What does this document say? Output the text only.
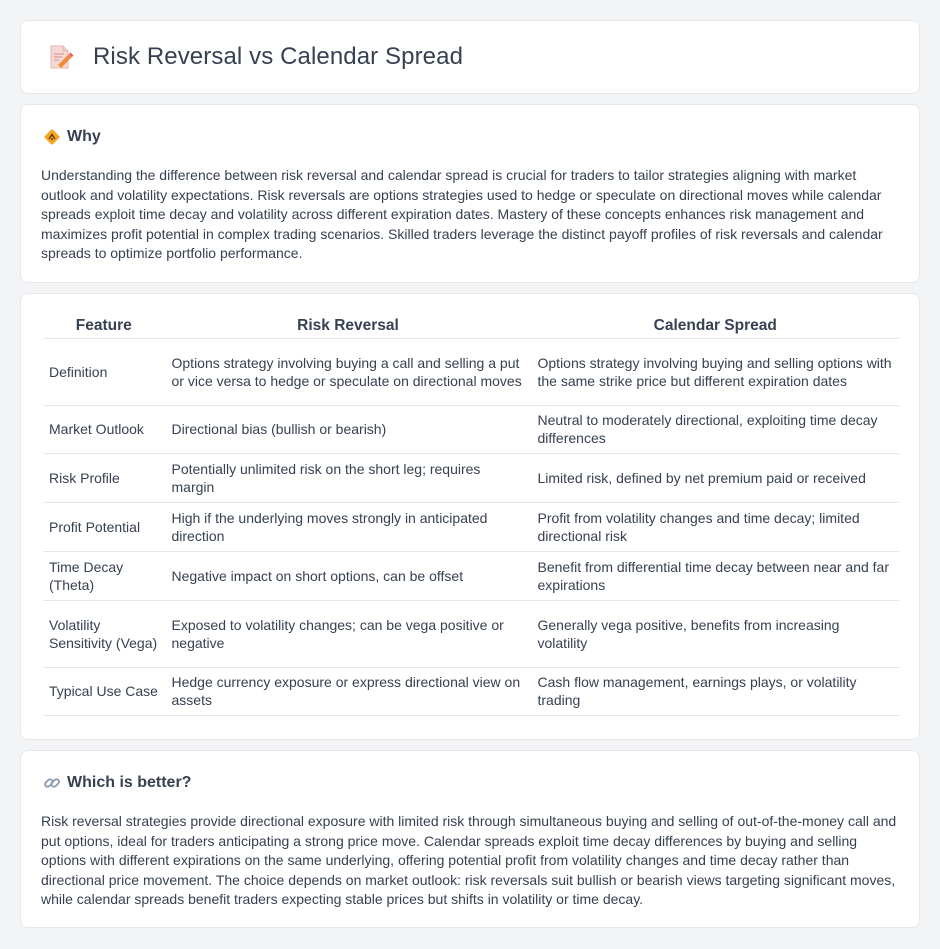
Risk Reversal vs Calendar Spread
Why

Understanding the difference between risk reversal and calendar spread is crucial for traders to tailor strategies aligning with market outlook and volatility expectations. Risk reversals are options strategies used to hedge or speculate on directional moves while calendar spreads exploit time decay and volatility across different expiration dates. Mastery of these concepts enhances risk management and maximizes profit potential in complex trading scenarios. Skilled traders leverage the distinct payoff profiles of risk reversals and calendar spreads to optimize portfolio performance.

Feature	Risk Reversal	Calendar Spread
Definition	Options strategy involving buying a call and selling a put or vice versa to hedge or speculate on directional moves	Options strategy involving buying and selling options with the same strike price but different expiration dates
Market Outlook	Directional bias (bullish or bearish)	Neutral to moderately directional, exploiting time decay differences
Risk Profile	Potentially unlimited risk on the short leg; requires margin	Limited risk, defined by net premium paid or received
Profit Potential	High if the underlying moves strongly in anticipated direction	Profit from volatility changes and time decay; limited directional risk
Time Decay (Theta)	Negative impact on short options, can be offset	Benefit from differential time decay between near and far expirations
Volatility Sensitivity (Vega)	Exposed to volatility changes; can be vega positive or negative	Generally vega positive, benefits from increasing volatility
Typical Use Case	Hedge currency exposure or express directional view on assets	Cash flow management, earnings plays, or volatility trading
Which is better?

Risk reversal strategies provide directional exposure with limited risk through simultaneous buying and selling of out-of-the-money call and put options, ideal for traders anticipating a strong price move. Calendar spreads exploit time decay differences by buying and selling options with different expirations on the same underlying, offering potential profit from volatility changes and time decay rather than directional price movement. The choice depends on market outlook: risk reversals suit bullish or bearish views targeting significant moves, while calendar spreads benefit traders expecting stable prices but shifts in volatility or time decay.
